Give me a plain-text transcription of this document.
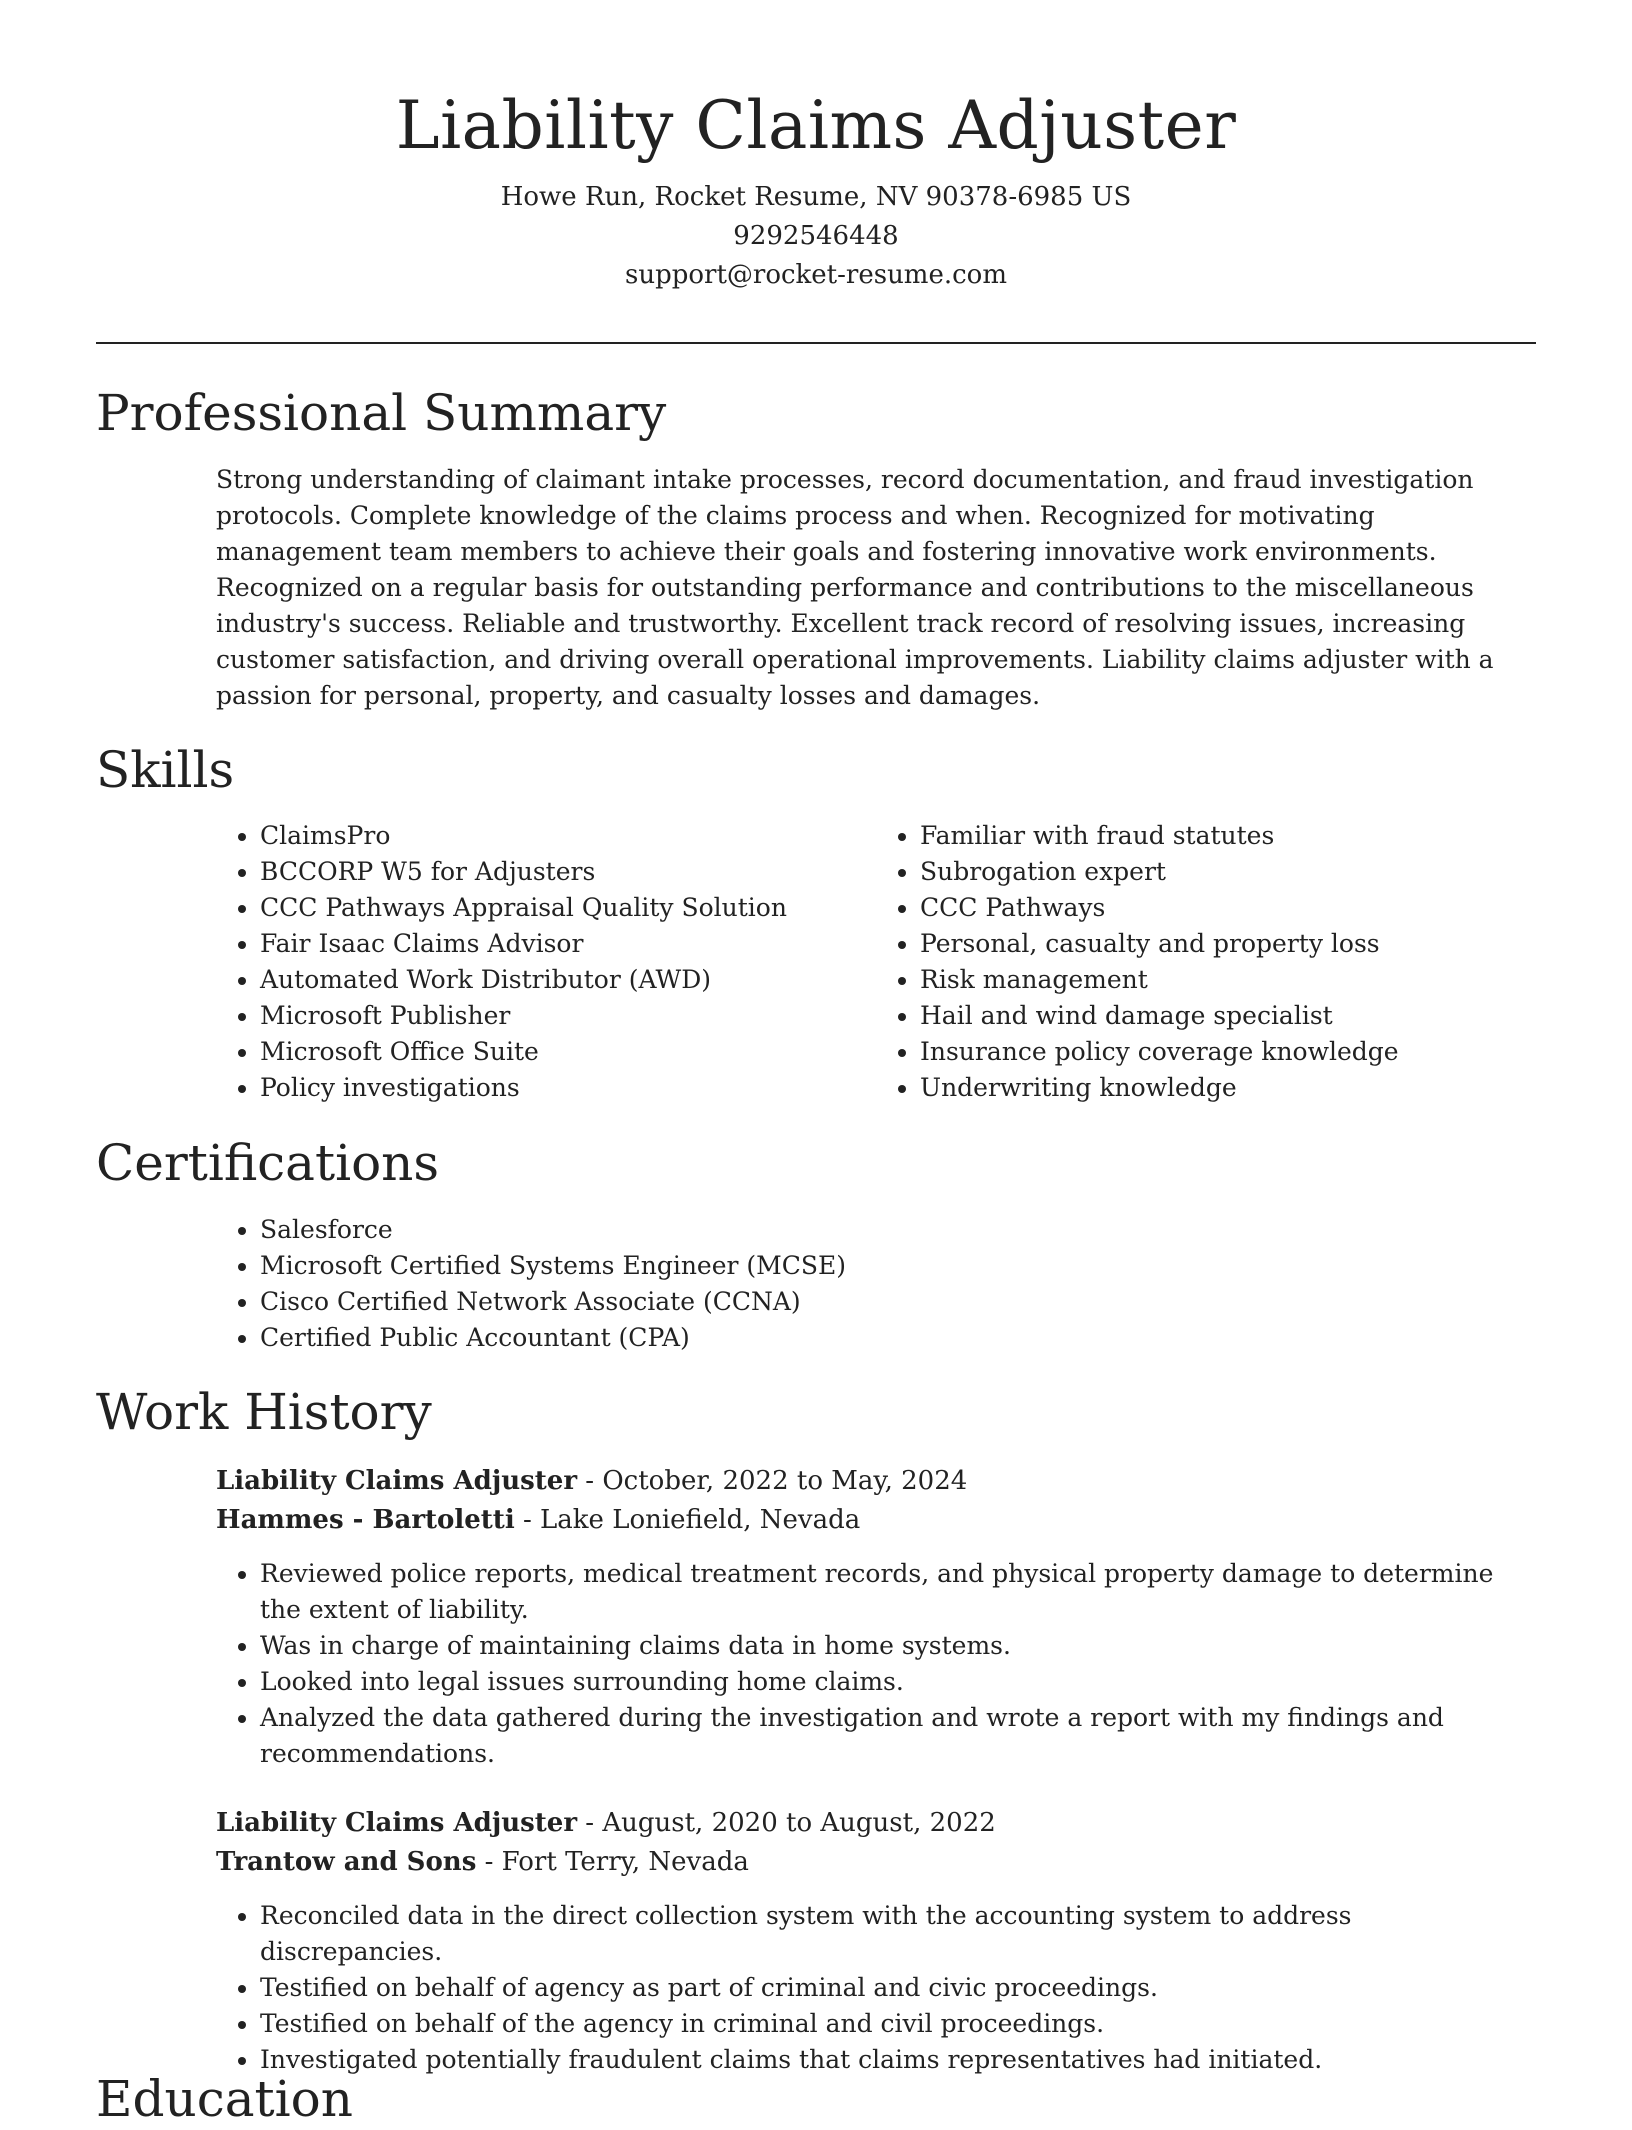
Liability Claims Adjuster
Howe Run, Rocket Resume, NV 90378-6985 US
9292546448
support@rocket-resume.com
Professional Summary

Strong understanding of claimant intake processes, record documentation, and fraud investigation protocols. Complete knowledge of the claims process and when. Recognized for motivating management team members to achieve their goals and fostering innovative work environments. Recognized on a regular basis for outstanding performance and contributions to the miscellaneous industry's success. Reliable and trustworthy. Excellent track record of resolving issues, increasing customer satisfaction, and driving overall operational improvements. Liability claims adjuster with a passion for personal, property, and casualty losses and damages.

Skills
• ClaimsPro
• BCCORP W5 for Adjusters
• CCC Pathways Appraisal Quality Solution
• Fair Isaac Claims Advisor
• Automated Work Distributor (AWD)
• Microsoft Publisher
• Microsoft Office Suite
• Policy investigations
• Familiar with fraud statutes
• Subrogation expert
• CCC Pathways
• Personal, casualty and property loss
• Risk management
• Hail and wind damage specialist
• Insurance policy coverage knowledge
• Underwriting knowledge
Certifications
• Salesforce
• Microsoft Certified Systems Engineer (MCSE)
• Cisco Certified Network Associate (CCNA)
• Certified Public Accountant (CPA)
Work History
Liability Claims Adjuster - October, 2022 to May, 2024
Hammes - Bartoletti - Lake Loniefield, Nevada
• Reviewed police reports, medical treatment records, and physical property damage to determine the extent of liability.
• Was in charge of maintaining claims data in home systems.
• Looked into legal issues surrounding home claims.
• Analyzed the data gathered during the investigation and wrote a report with my findings and recommendations.
Liability Claims Adjuster - August, 2020 to August, 2022
Trantow and Sons - Fort Terry, Nevada
• Reconciled data in the direct collection system with the accounting system to address discrepancies.
• Testified on behalf of agency as part of criminal and civic proceedings.
• Testified on behalf of the agency in criminal and civil proceedings.
• Investigated potentially fraudulent claims that claims representatives had initiated.
Education
